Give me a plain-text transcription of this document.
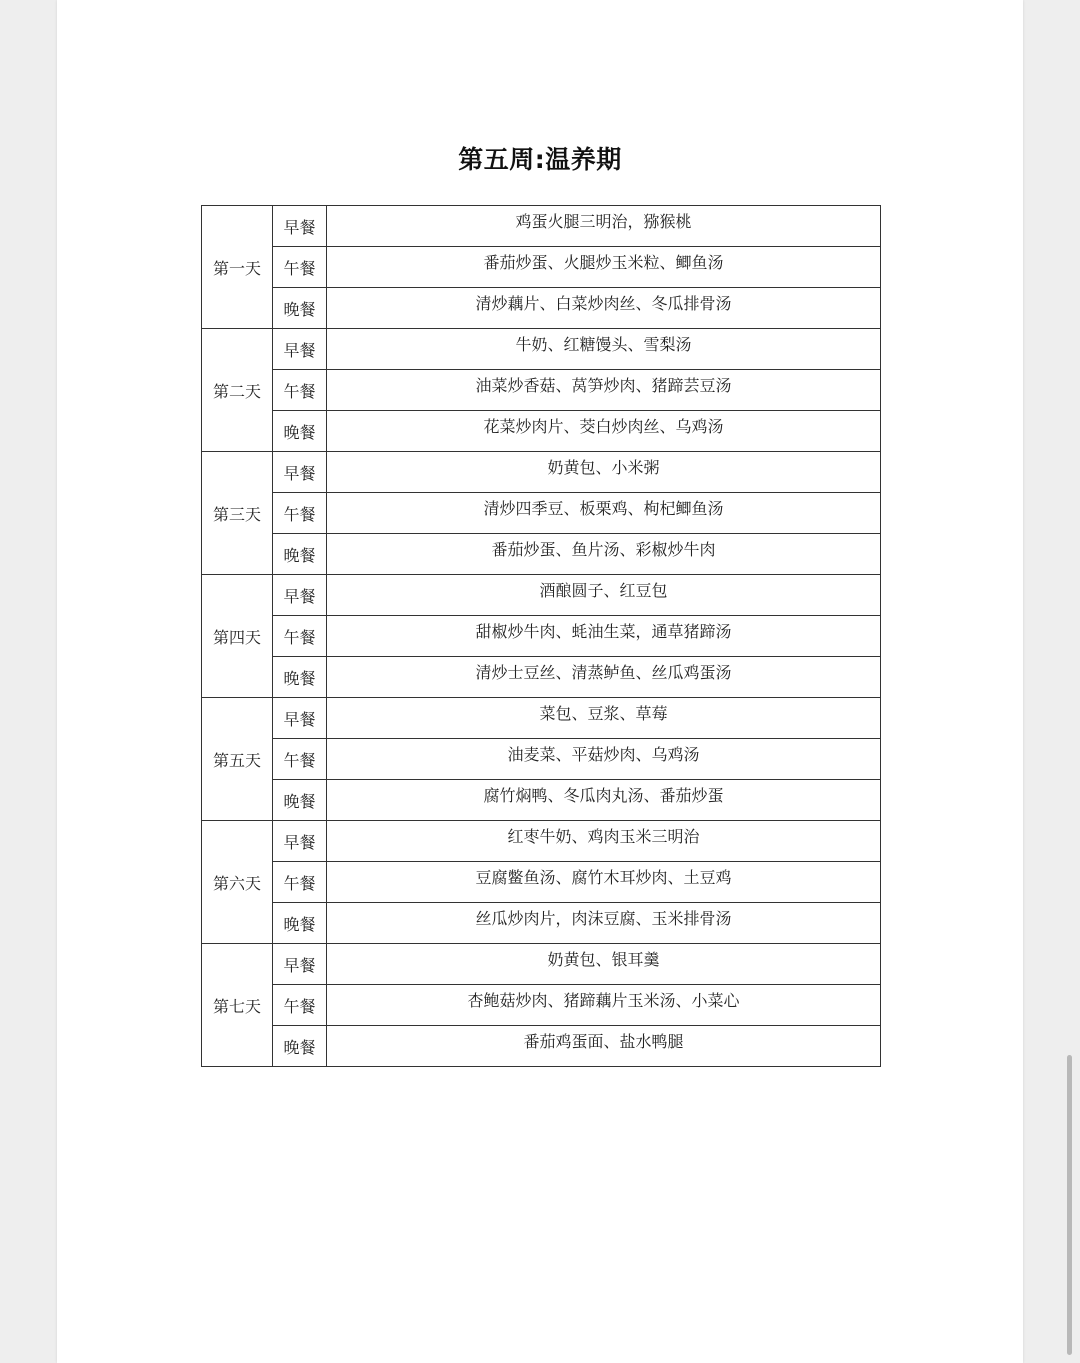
第五周:温养期
第一天	早餐	鸡蛋火腿三明治，猕猴桃
	午餐	番茄炒蛋、火腿炒玉米粒、鲫鱼汤
	晚餐	清炒藕片、白菜炒肉丝、冬瓜排骨汤
第二天	早餐	牛奶、红糖馒头、雪梨汤
	午餐	油菜炒香菇、莴笋炒肉、猪蹄芸豆汤
	晚餐	花菜炒肉片、茭白炒肉丝、乌鸡汤
第三天	早餐	奶黄包、小米粥
	午餐	清炒四季豆、板栗鸡、枸杞鲫鱼汤
	晚餐	番茄炒蛋、鱼片汤、彩椒炒牛肉
第四天	早餐	酒酿圆子、红豆包
	午餐	甜椒炒牛肉、蚝油生菜，通草猪蹄汤
	晚餐	清炒士豆丝、清蒸鲈鱼、丝瓜鸡蛋汤
第五天	早餐	菜包、豆浆、草莓
	午餐	油麦菜、平菇炒肉、乌鸡汤
	晚餐	腐竹焖鸭、冬瓜肉丸汤、番茄炒蛋
第六天	早餐	红枣牛奶、鸡肉玉米三明治
	午餐	豆腐鳖鱼汤、腐竹木耳炒肉、土豆鸡
	晚餐	丝瓜炒肉片，肉沫豆腐、玉米排骨汤
第七天	早餐	奶黄包、银耳羹
	午餐	杏鲍菇炒肉、猪蹄藕片玉米汤、小菜心
	晚餐	番茄鸡蛋面、盐水鸭腿
